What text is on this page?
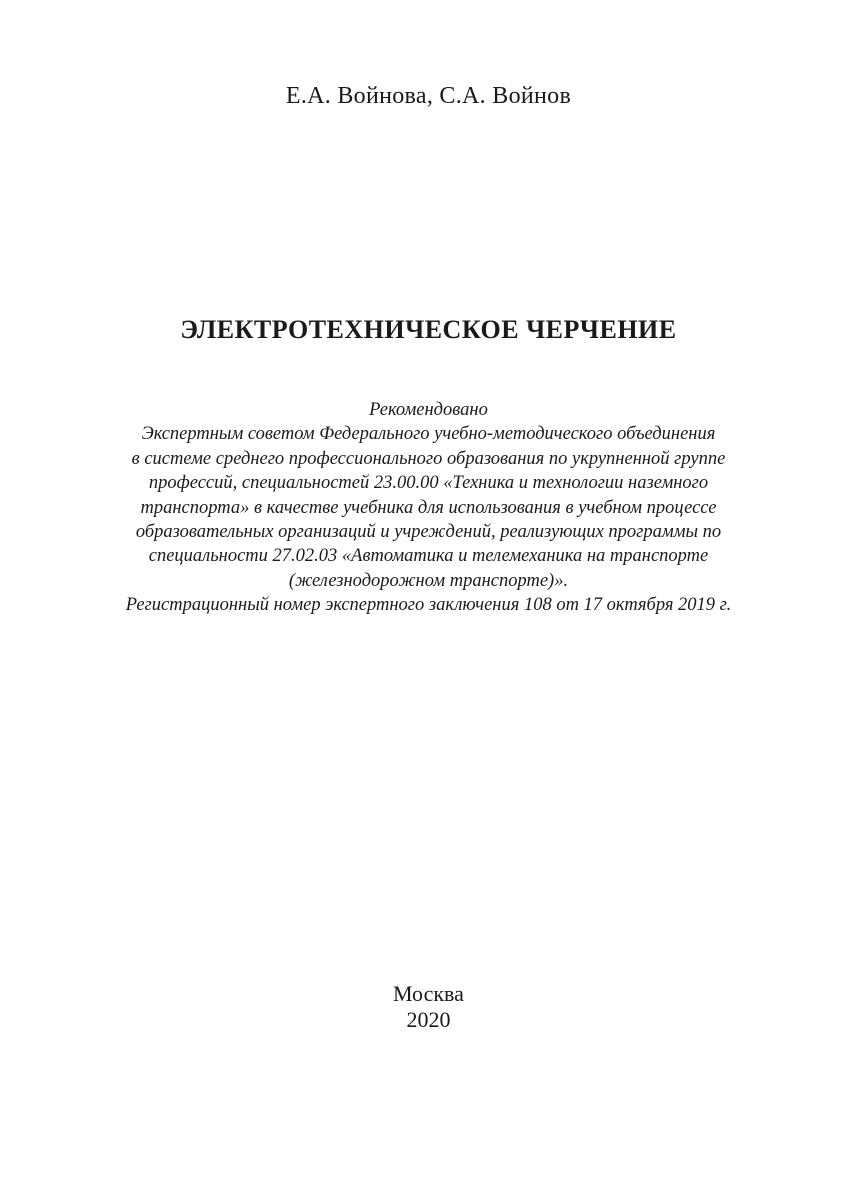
Е.А. Войнова, С.А. Войнов
ЭЛЕКТРОТЕХНИЧЕСКОЕ ЧЕРЧЕНИЕ
Рекомендовано
Экспертным советом Федерального учебно-методического объединения
в системе среднего профессионального образования по укрупненной группе
профессий, специальностей 23.00.00 «Техника и технологии наземного
транспорта» в качестве учебника для использования в учебном процессе
образовательных организаций и учреждений, реализующих программы по
специальности 27.02.03 «Автоматика и телемеханика на транспорте
(железнодорожном транспорте)».
Регистрационный номер экспертного заключения 108 от 17 октября 2019 г.
Москва
2020
